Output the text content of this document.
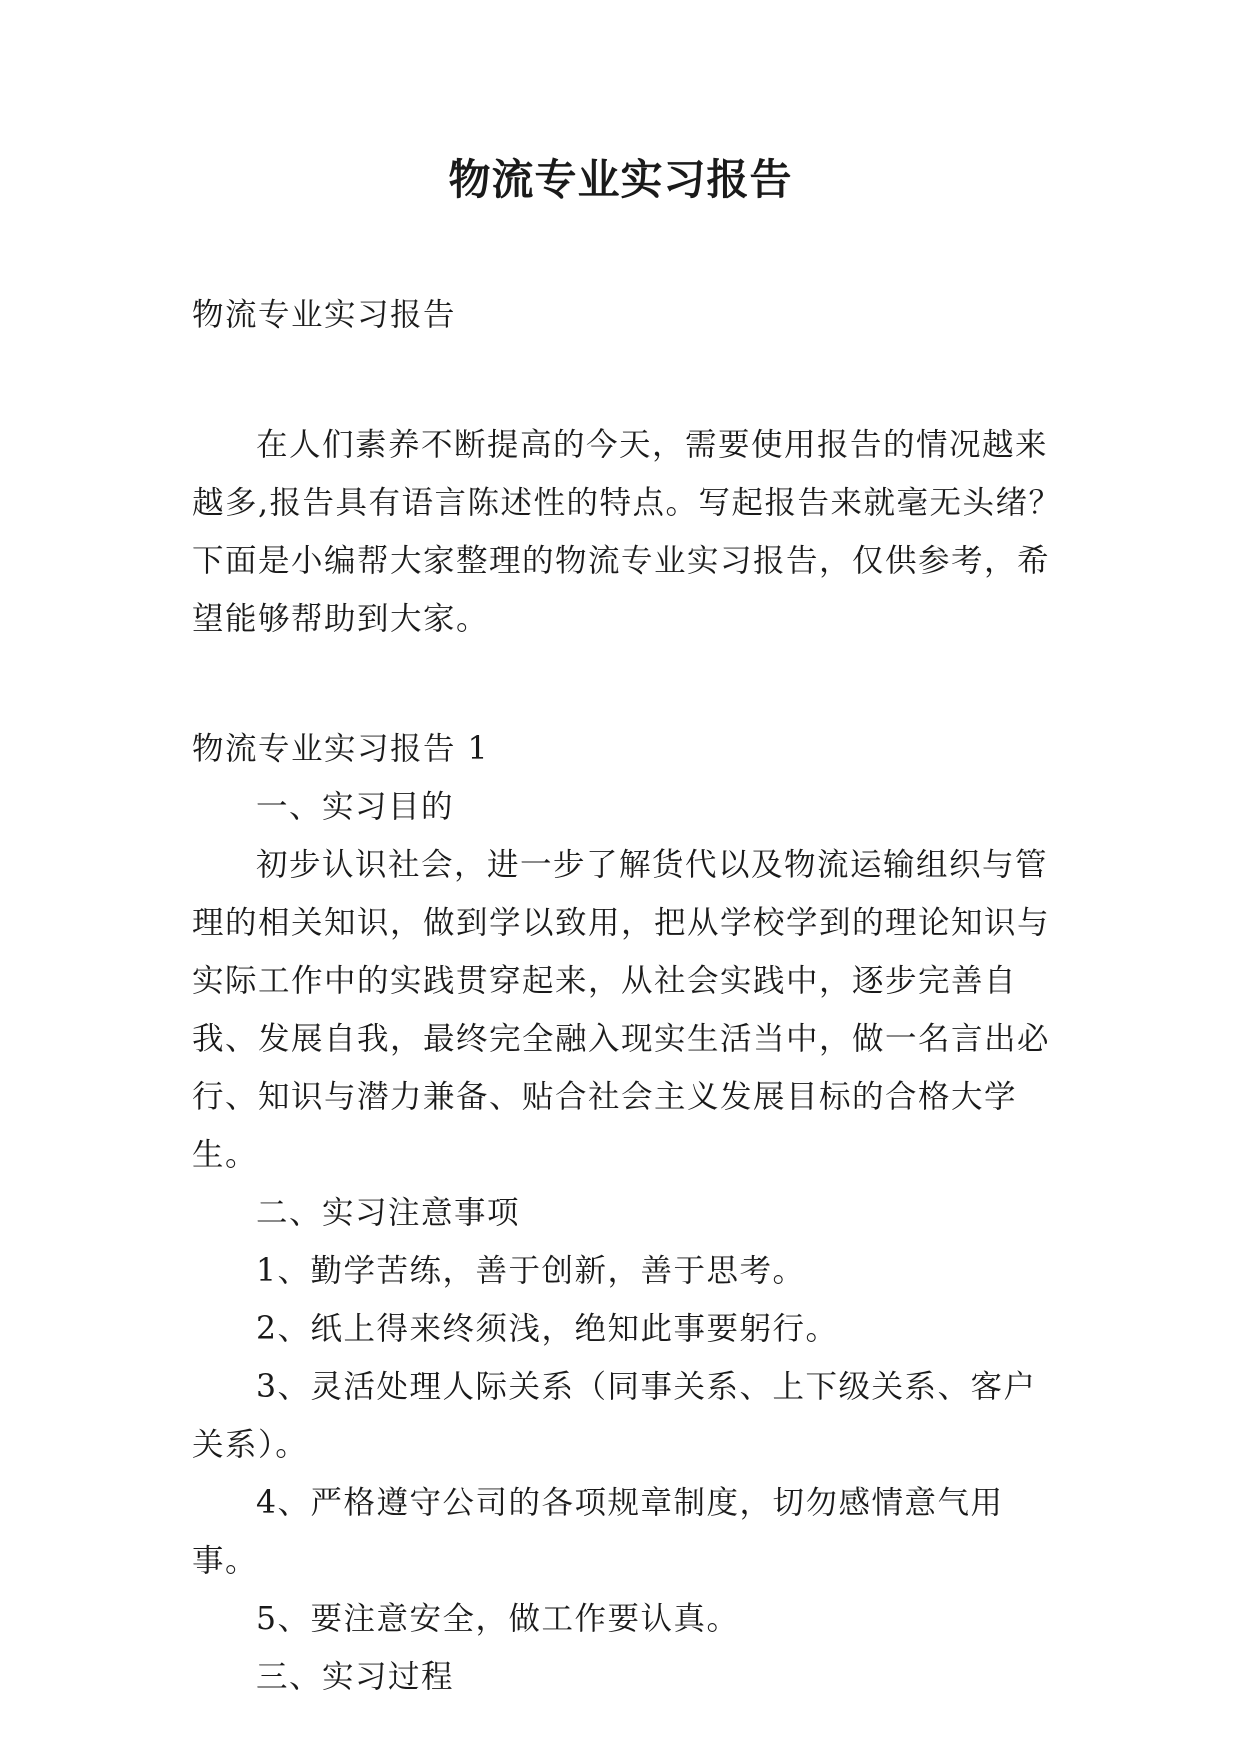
物流专业实习报告

物流专业实习报告

在人们素养不断提高的今天，需要使用报告的情况越来越多,报告具有语言陈述性的特点。写起报告来就毫无头绪？下面是小编帮大家整理的物流专业实习报告，仅供参考，希望能够帮助到大家。

物流专业实习报告 1

一、实习目的

初步认识社会，进一步了解货代以及物流运输组织与管理的相关知识，做到学以致用，把从学校学到的理论知识与实际工作中的实践贯穿起来，从社会实践中，逐步完善自我、发展自我，最终完全融入现实生活当中，做一名言出必行、知识与潜力兼备、贴合社会主义发展目标的合格大学生。

二、实习注意事项

1、勤学苦练，善于创新，善于思考。

2、纸上得来终须浅，绝知此事要躬行。

3、灵活处理人际关系（同事关系、上下级关系、客户关系）。

4、严格遵守公司的各项规章制度，切勿感情意气用事。

5、要注意安全，做工作要认真。

三、实习过程
